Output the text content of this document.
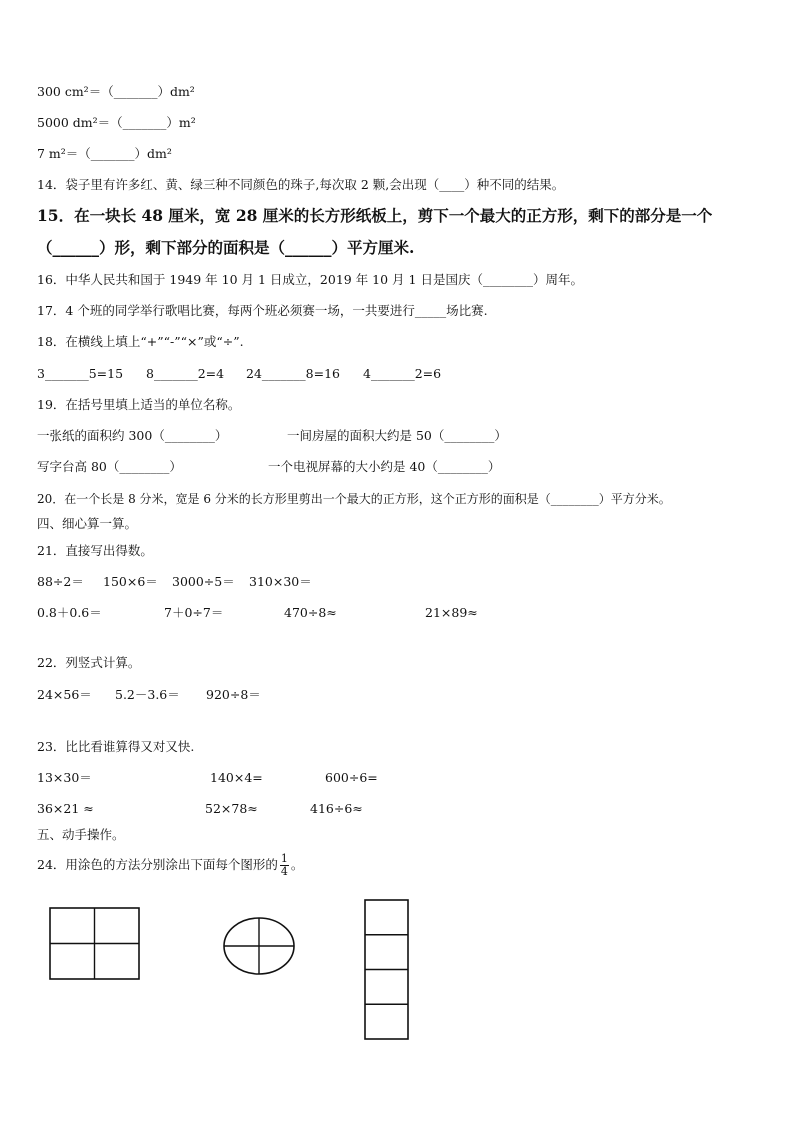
300 cm²＝（_______）dm²
5000 dm²＝（_______）m²
7 m²＝（_______）dm²
14．袋子里有许多红、黄、绿三种不同颜色的珠子,每次取 2 颗,会出现（____）种不同的结果。
15．在一块长 48 厘米，宽 28 厘米的长方形纸板上，剪下一个最大的正方形，剩下的部分是一个
（______）形，剩下部分的面积是（______）平方厘米.
16．中华人民共和国于 1949 年 10 月 1 日成立，2019 年 10 月 1 日是国庆（________）周年。
17．4 个班的同学举行歌唱比赛，每两个班必须赛一场，一共要进行_____场比赛.
18．在横线上填上“+”“-”“×”或“÷”.
3_______5=15 8_______2=4 24_______8=16 4_______2=6
19．在括号里填上适当的单位名称。
一张纸的面积约 300（________）	一间房屋的面积大约是 50（________）
写字台高 80（________）	一个电视屏幕的大小约是 40（________）
20．在一个长是 8 分米，宽是 6 分米的长方形里剪出一个最大的正方形，这个正方形的面积是（________）平方分米。
四、细心算一算。
21．直接写出得数。
88÷2＝ 150×6＝ 3000÷5＝ 310×30＝
0.8＋0.6＝	7＋0÷7＝	470÷8≈	21×89≈
22．列竖式计算。
24×56＝ 5.2－3.6＝ 920÷8＝
23．比比看谁算得又对又快.
13×30＝	140×4=	600÷6=
36×21 ≈	52×78≈	416÷6≈
五、动手操作。
24．用涂色的方法分别涂出下面每个图形的 $\frac{1}{4}$ 。
